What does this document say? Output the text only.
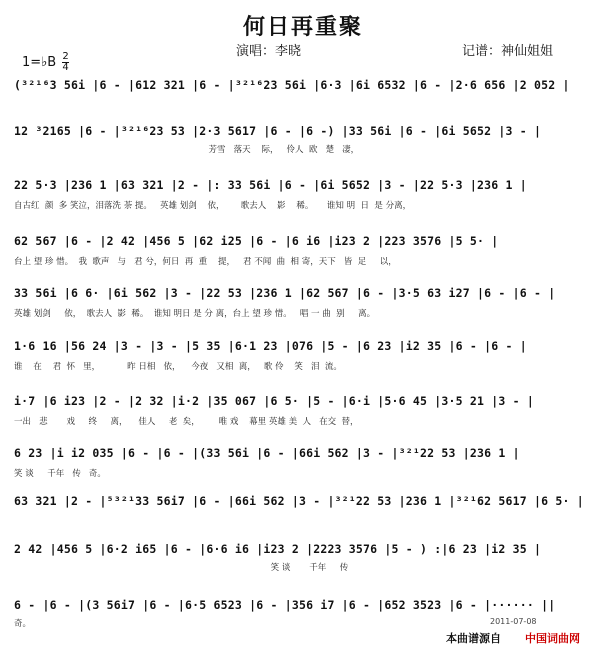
何日再重聚
演唱：李晓	记谱：神仙姐姐
1=♭B $\frac{2}{4}$
(³²¹⁶3 56i |6 - |612 321 |6 - |³²¹⁶23 56i |6·3 |6i 6532 |6 - |2·6 656 |2 052 |
12 ³2165 |6 - |³²¹⁶23 53 |2·3 5617 |6 - |6 -) |33 56i |6 - |6i 5652 |3 - |
芳雪   落天    际，   伶人  欧   楚   凄，
22 5·3 |236 1 |63 321 |2 - |: 33 56i |6 - |6i 5652 |3 - |22 5·3 |236 1 |
自古红  颜  多 笑泣，泪落洗 荼 提。   英雄 划剑    依，      歌去人    影    稀。     谁知 明  日  是 分离，
62 567 |6 - |2 42 |456 5 |62 i25 |6 - |6 i6 |i23 2 |223 3576 |5 5· |
台上 望 珍 惜。  我  歌声   与   君 兮，何日  再  重    提，   君 不闻  曲  相 寄，天下   皆  足     以，
33 56i |6 6· |6i 562 |3 - |22 53 |236 1 |62 567 |6 - |3·5 63 i27 |6 - |6 - |
英雄 划剑     依，  歌去人  影  稀。  谁知 明日 是 分 离，台上 望 珍 惜。   唱 一 曲  别     离。
1·6 16 |56 24 |3 - |3 - |5 35 |6·1 23 |076 |5 - |6 23 |i2 35 |6 - |6 - |
谁    在    君  怀   里，          昨 日相   依，    今夜   又相  离，   歌 伶    笑   泪  流。
i·7 |6 i23 |2 - |2 32 |i·2 |35 067 |6 5· |5 - |6·i |5·6 45 |3·5 21 |3 - |
一出   悲       戏     终     离，    佳人     老  矣，       唯 戏    幕里 英雄 美  人   在交  替，
6 23 |i i2 035 |6 - |6 - |(33 56i |6 - |66i 562 |3 - |³²¹22 53 |236 1 |
笑 谈     千年   传   奇。
63 321 |2 - |⁵³²¹33 56i7 |6 - |66i 562 |3 - |³²¹22 53 |236 1 |³²¹62 5617 |6 5· |
2 42 |456 5 |6·2 i65 |6 - |6·6 i6 |i23 2 |2223 3576 |5 - ) :|6 23 |i2 35 |
笑 谈       千年     传
6 - |6 - |(3 56i7 |6 - |6·5 6523 |6 - |356 i7 |6 - |652 3523 |6 - |······ ||
奇。	2011-07-08
本曲谱源自 中国词曲网
